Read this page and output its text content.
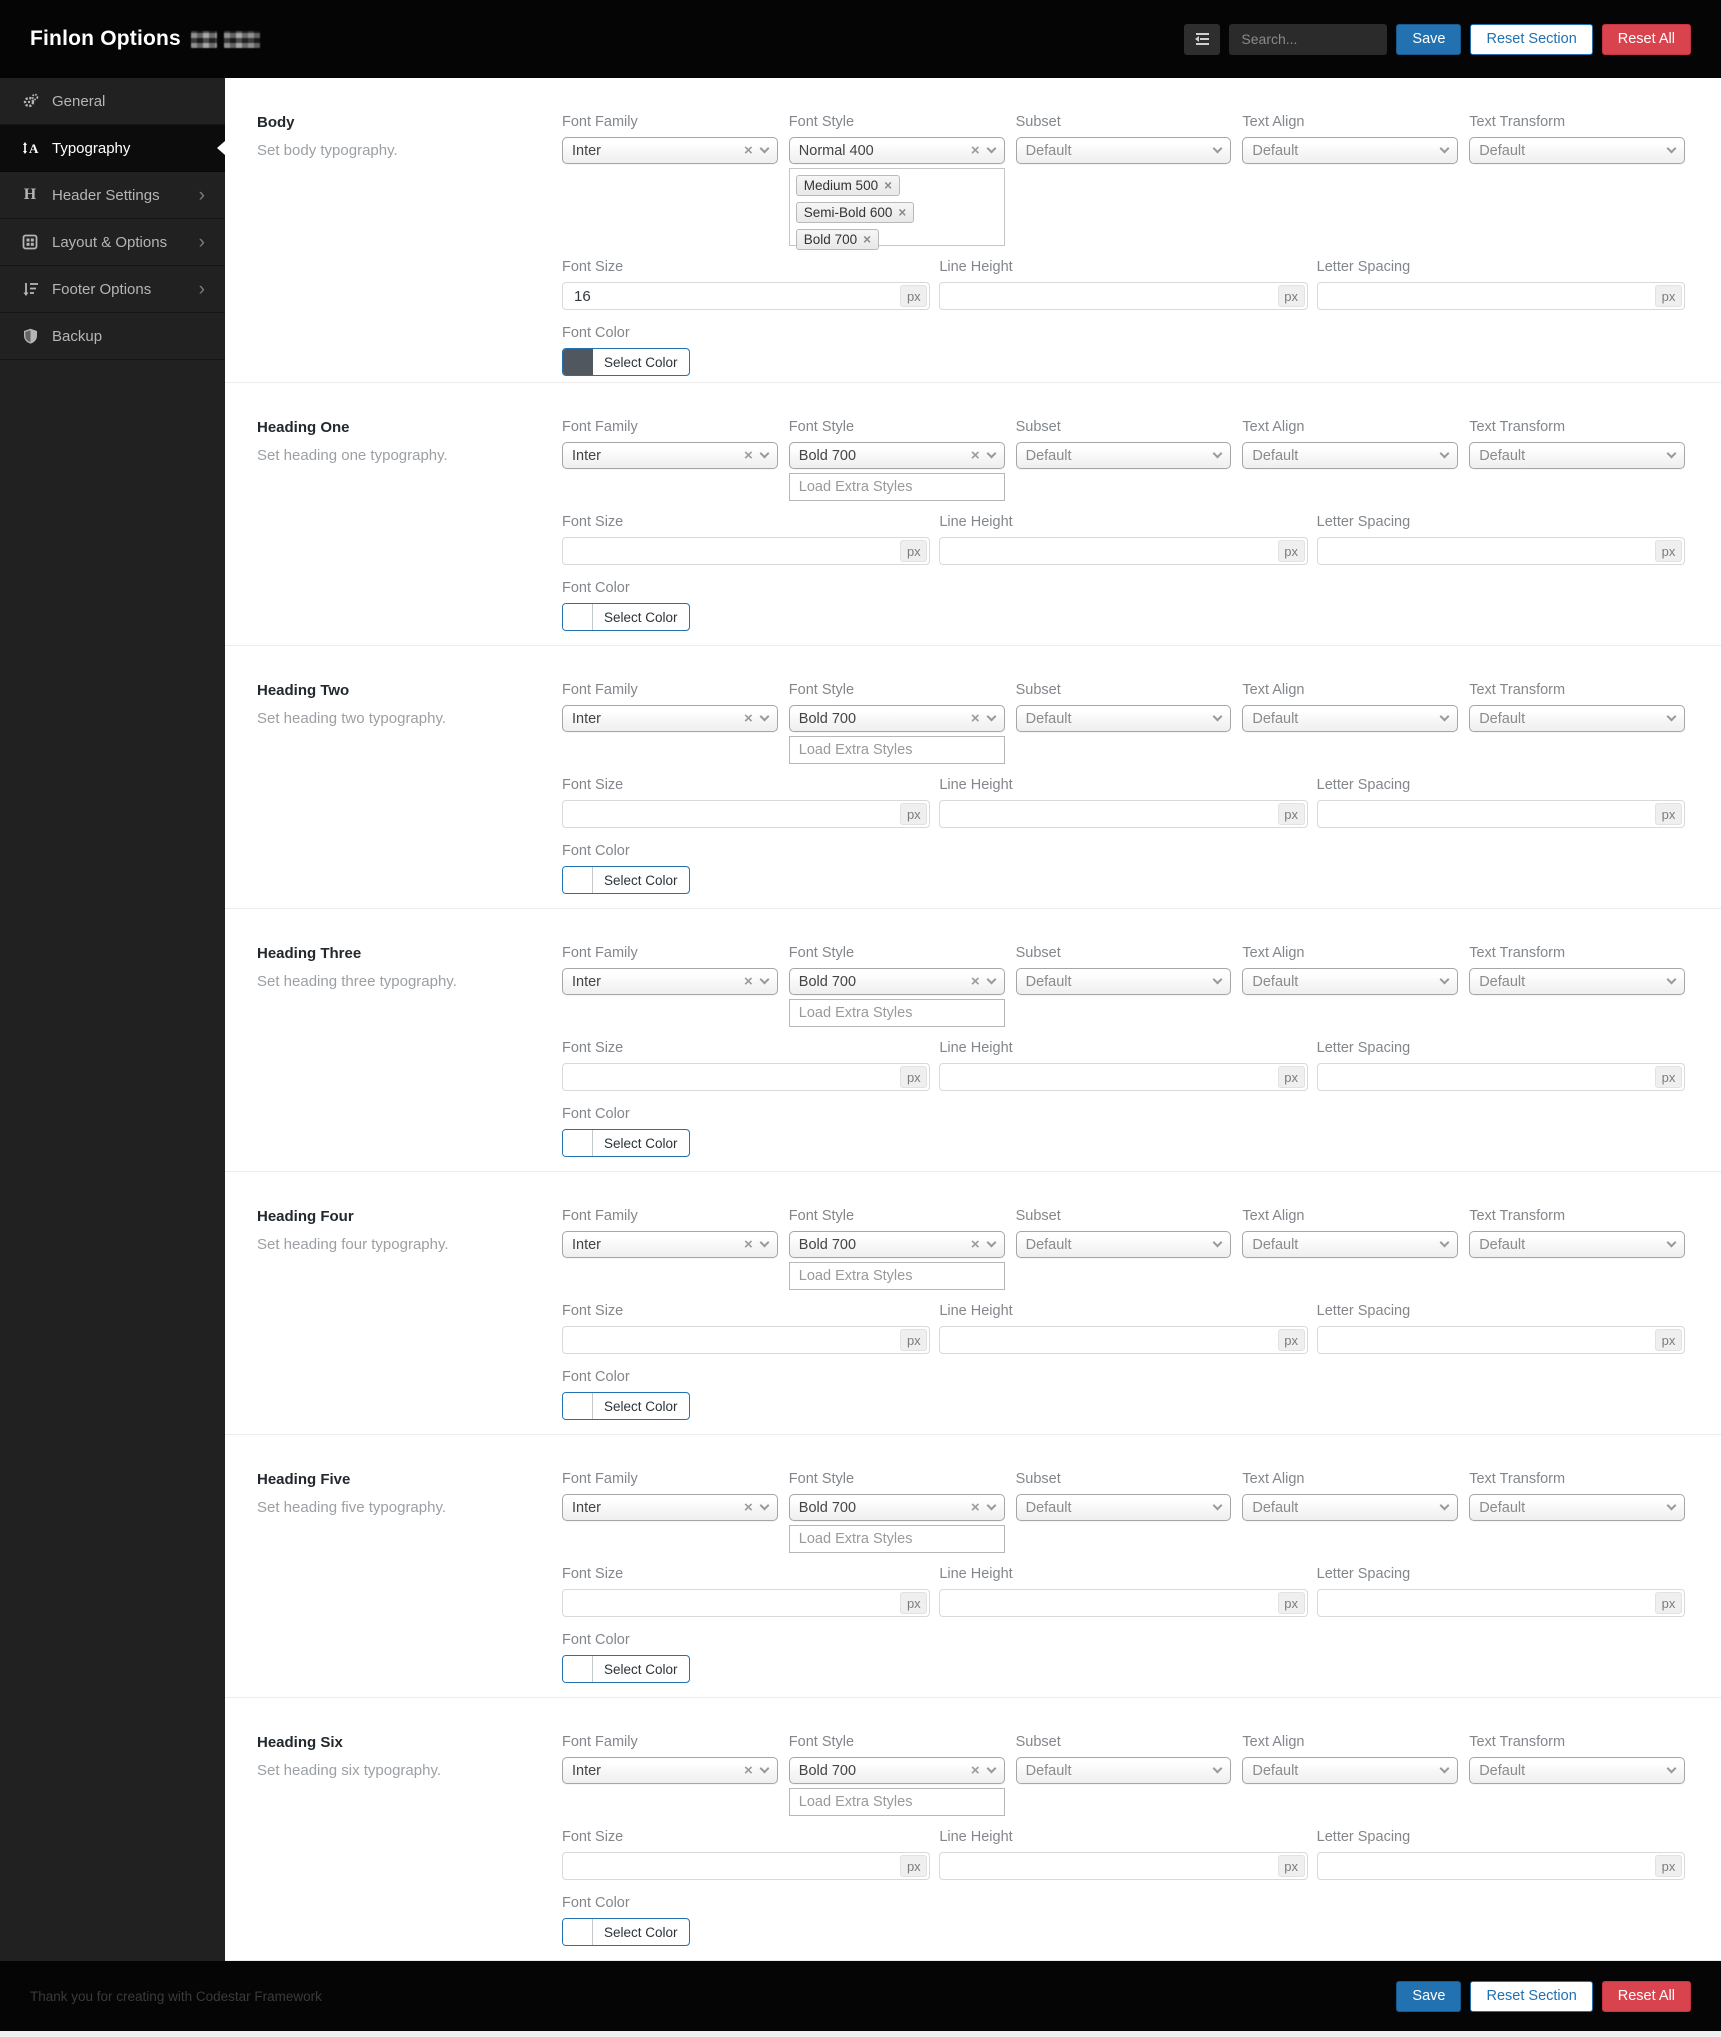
Finlon Options
Search...	Save	Reset Section	Reset All
General
A Typography
H Header Settings ›
Layout & Options ›
Footer Options ›
Backup
Body

Set body typography.

Font Family
Inter	×
Font Style
Normal 400	×
Subset
Default
Text Align
Default
Text Transform
Default
Medium 500 ×
Semi-Bold 600 ×
Bold 700 ×
Font Size
16
px
Line Height
px
Letter Spacing
px
Font Color
Select Color
Heading One

Set heading one typography.

Font Family
Inter	×
Font Style
Bold 700	×
Subset
Default
Text Align
Default
Text Transform
Default
Load Extra Styles
Font Size
px
Line Height
px
Letter Spacing
px
Font Color
Select Color
Heading Two

Set heading two typography.

Font Family
Inter	×
Font Style
Bold 700	×
Subset
Default
Text Align
Default
Text Transform
Default
Load Extra Styles
Font Size
px
Line Height
px
Letter Spacing
px
Font Color
Select Color
Heading Three

Set heading three typography.

Font Family
Inter	×
Font Style
Bold 700	×
Subset
Default
Text Align
Default
Text Transform
Default
Load Extra Styles
Font Size
px
Line Height
px
Letter Spacing
px
Font Color
Select Color
Heading Four

Set heading four typography.

Font Family
Inter	×
Font Style
Bold 700	×
Subset
Default
Text Align
Default
Text Transform
Default
Load Extra Styles
Font Size
px
Line Height
px
Letter Spacing
px
Font Color
Select Color
Heading Five

Set heading five typography.

Font Family
Inter	×
Font Style
Bold 700	×
Subset
Default
Text Align
Default
Text Transform
Default
Load Extra Styles
Font Size
px
Line Height
px
Letter Spacing
px
Font Color
Select Color
Heading Six

Set heading six typography.

Font Family
Inter	×
Font Style
Bold 700	×
Subset
Default
Text Align
Default
Text Transform
Default
Load Extra Styles
Font Size
px
Line Height
px
Letter Spacing
px
Font Color
Select Color
Thank you for creating with Codestar Framework	Save	Reset Section	Reset All
